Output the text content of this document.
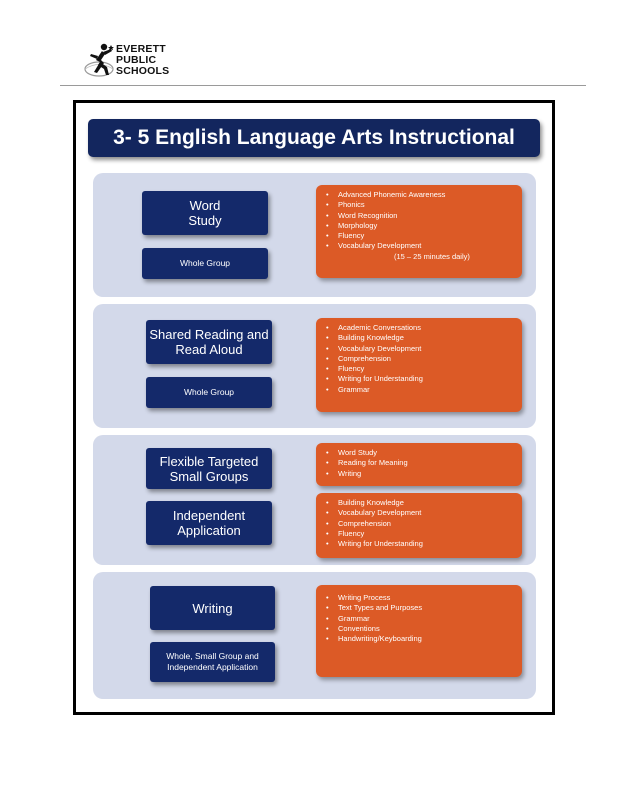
EVERETT
PUBLIC
SCHOOLS
3- 5 English Language Arts Instructional
Word Study
Whole Group
• Advanced Phonemic Awareness
• Phonics
• Word Recognition
• Morphology
• Fluency
• Vocabulary Development
(15 – 25 minutes daily)
Shared Reading and Read Aloud
Whole Group
• Academic Conversations
• Building Knowledge
• Vocabulary Development
• Comprehension
• Fluency
• Writing for Understanding
• Grammar
Flexible Targeted Small Groups
Independent Application
• Word Study
• Reading for Meaning
• Writing
• Building Knowledge
• Vocabulary Development
• Comprehension
• Fluency
• Writing for Understanding
Writing
Whole, Small Group and Independent Application
• Writing Process
• Text Types and Purposes
• Grammar
• Conventions
• Handwriting/Keyboarding
